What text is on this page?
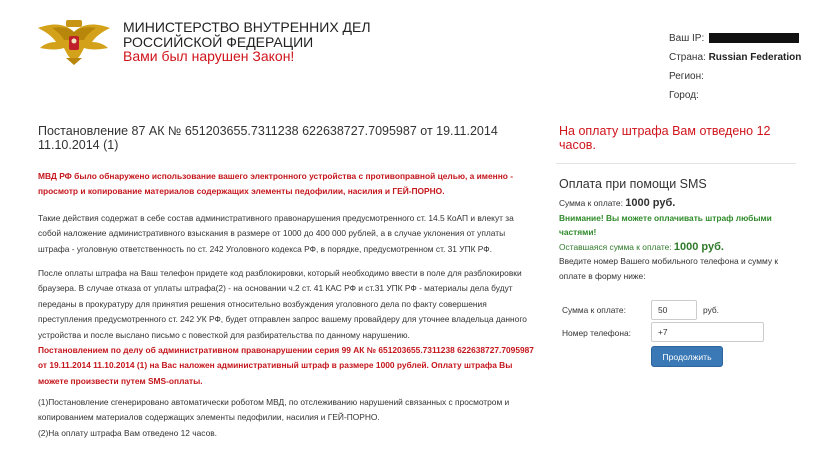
МИНИСТЕРСТВО ВНУТРЕННИХ ДЕЛ
РОССИЙСКОЙ ФЕДЕРАЦИИ
Вами был нарушен Закон!
Ваш IP:
Страна: Russian Federation
Регион:
Город:
Постановление 87 АК № 651203655.7311238 622638727.7095987 от 19.11.2014
11.10.2014 (1)
МВД РФ было обнаружено использование вашего электронного устройства с противоправной целью, а именно - просмотр и копирование материалов содержащих элементы педофилии, насилия и ГЕЙ-ПОРНО.
Такие действия содержат в себе состав административного правонарушения предусмотренного ст. 14.5 КоАП и влекут за собой наложение административного взыскания в размере от 1000 до 400 000 рублей, а в случае уклонения от уплаты штрафа - уголовную ответственность по ст. 242 Уголовного кодекса РФ, в порядке, предусмотренном ст. 31 УПК РФ.
После оплаты штрафа на Ваш телефон придете код разблокировки, который необходимо ввести в поле для разблокировки браузера. В случае отказа от уплаты штрафа(2) - на основании ч.2 ст. 41 КАС РФ и ст.31 УПК РФ - материалы дела будут переданы в прокуратуру для принятия решения относительно возбуждения уголовного дела по факту совершения преступления предусмотренного ст. 242 УК РФ, будет отправлен запрос вашему провайдеру для уточнее владельца данного устройства и после выслано письмо с повесткой для разбирательства по данному нарушению.
Постановлением по делу об административном правонарушении серия 99 АК № 651203655.7311238 622638727.7095987 от 19.11.2014 11.10.2014 (1) на Вас наложен административный штраф в размере 1000 рублей. Оплату штрафа Вы можете произвести путем SMS-оплаты.
(1)Постановление сгенерировано автоматически роботом МВД, по отслеживанию нарушений связанных с просмотром и копированием материалов содержащих элементы педофилии, насилия и ГЕЙ-ПОРНО.
(2)На оплату штрафа Вам отведено 12 часов.
На оплату штрафа Вам отведено 12 часов.
Оплата при помощи SMS
Сумма к оплате: 1000 руб.
Внимание! Вы можете оплачивать штраф любыми частями!
Оставшаяся сумма к оплате: 1000 руб.
Введите номер Вашего мобильного телефона и сумму к оплате в форму ниже:
Сумма к оплате:	50	руб.
Номер телефона:	+7
Продолжить
